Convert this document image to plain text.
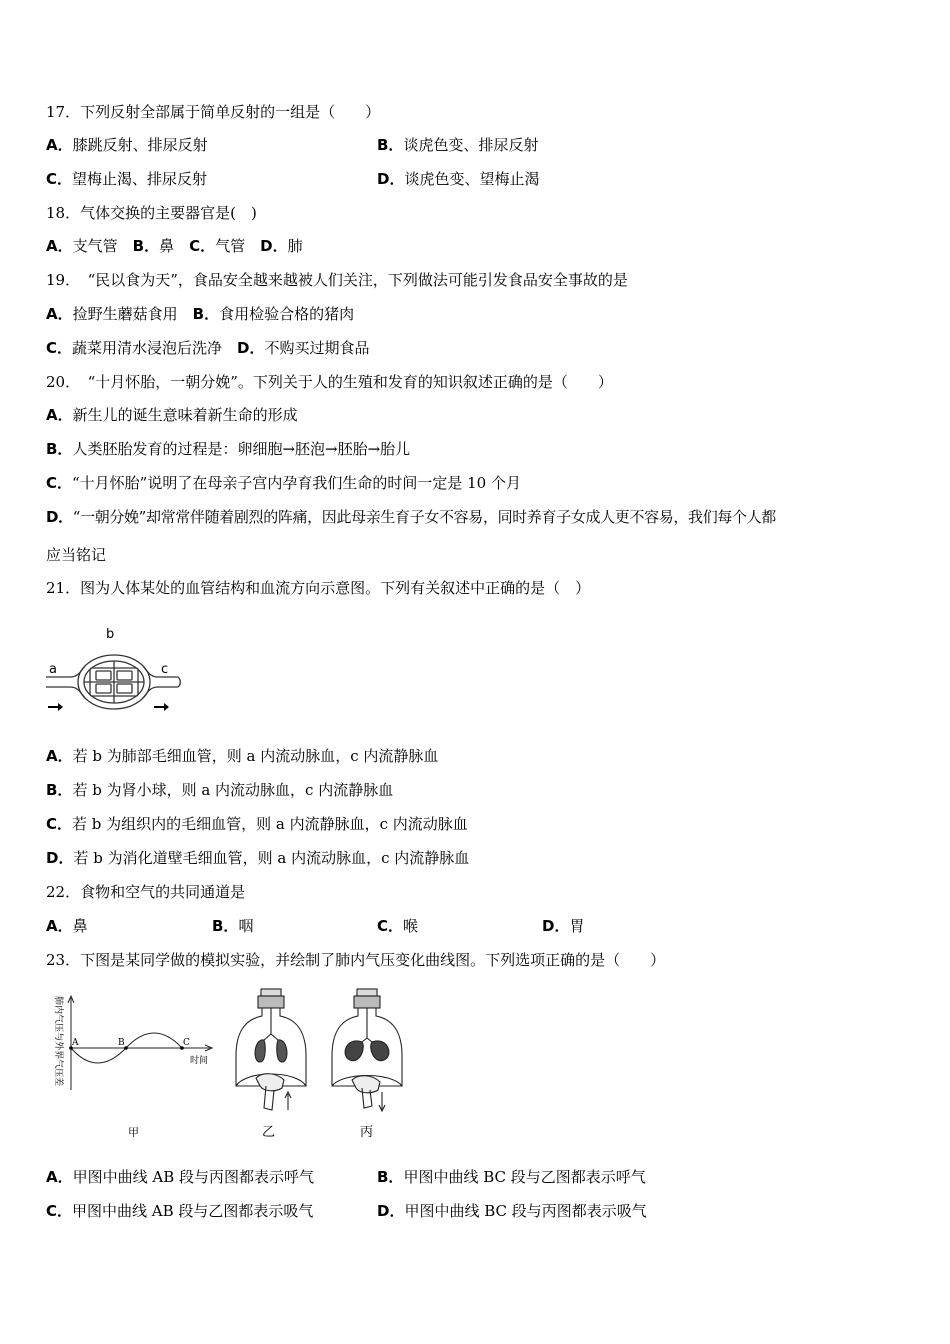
17．下列反射全部属于简单反射的一组是（　　）
A．膝跳反射、排尿反射	B．谈虎色变、排尿反射
C．望梅止渴、排尿反射	D．谈虎色变、望梅止渴
18．气体交换的主要器官是(　)
A．支气管　 B．鼻　 C．气管　 D．肺
19．　“民以食为天”，食品安全越来越被人们关注，下列做法可能引发食品安全事故的是
A．捡野生蘑菇食用　 B．食用检验合格的猪肉
C．蔬菜用清水浸泡后洗净　 D．不购买过期食品
20．　“十月怀胎，一朝分娩”。下列关于人的生殖和发育的知识叙述正确的是（　　）
A．新生儿的诞生意味着新生命的形成
B．人类胚胎发育的过程是：卵细胞→胚泡→胚胎→胎儿
C．“十月怀胎”说明了在母亲子宫内孕育我们生命的时间一定是 10 个月
D．“一朝分娩”却常常伴随着剧烈的阵痛，因此母亲生育子女不容易，同时养育子女成人更不容易，我们每个人都
应当铭记
21．图为人体某处的血管结构和血流方向示意图。下列有关叙述中正确的是（　）
a
b
c
A．若 b 为肺部毛细血管，则 a 内流动脉血，c 内流静脉血
B．若 b 为肾小球，则 a 内流动脉血，c 内流静脉血
C．若 b 为组织内的毛细血管，则 a 内流静脉血，c 内流动脉血
D．若 b 为消化道壁毛细血管，则 a 内流动脉血，c 内流静脉血
22．食物和空气的共同通道是
A．鼻	B．咽	C．喉	D．胃
23．下图是某同学做的模拟实验，并绘制了肺内气压变化曲线图。下列选项正确的是（　　）
肺内气压与外界气压差
A	B	C
时间
甲	乙	丙
A．甲图中曲线 AB 段与丙图都表示呼气	B．甲图中曲线 BC 段与乙图都表示呼气
C．甲图中曲线 AB 段与乙图都表示吸气	D．甲图中曲线 BC 段与丙图都表示吸气
